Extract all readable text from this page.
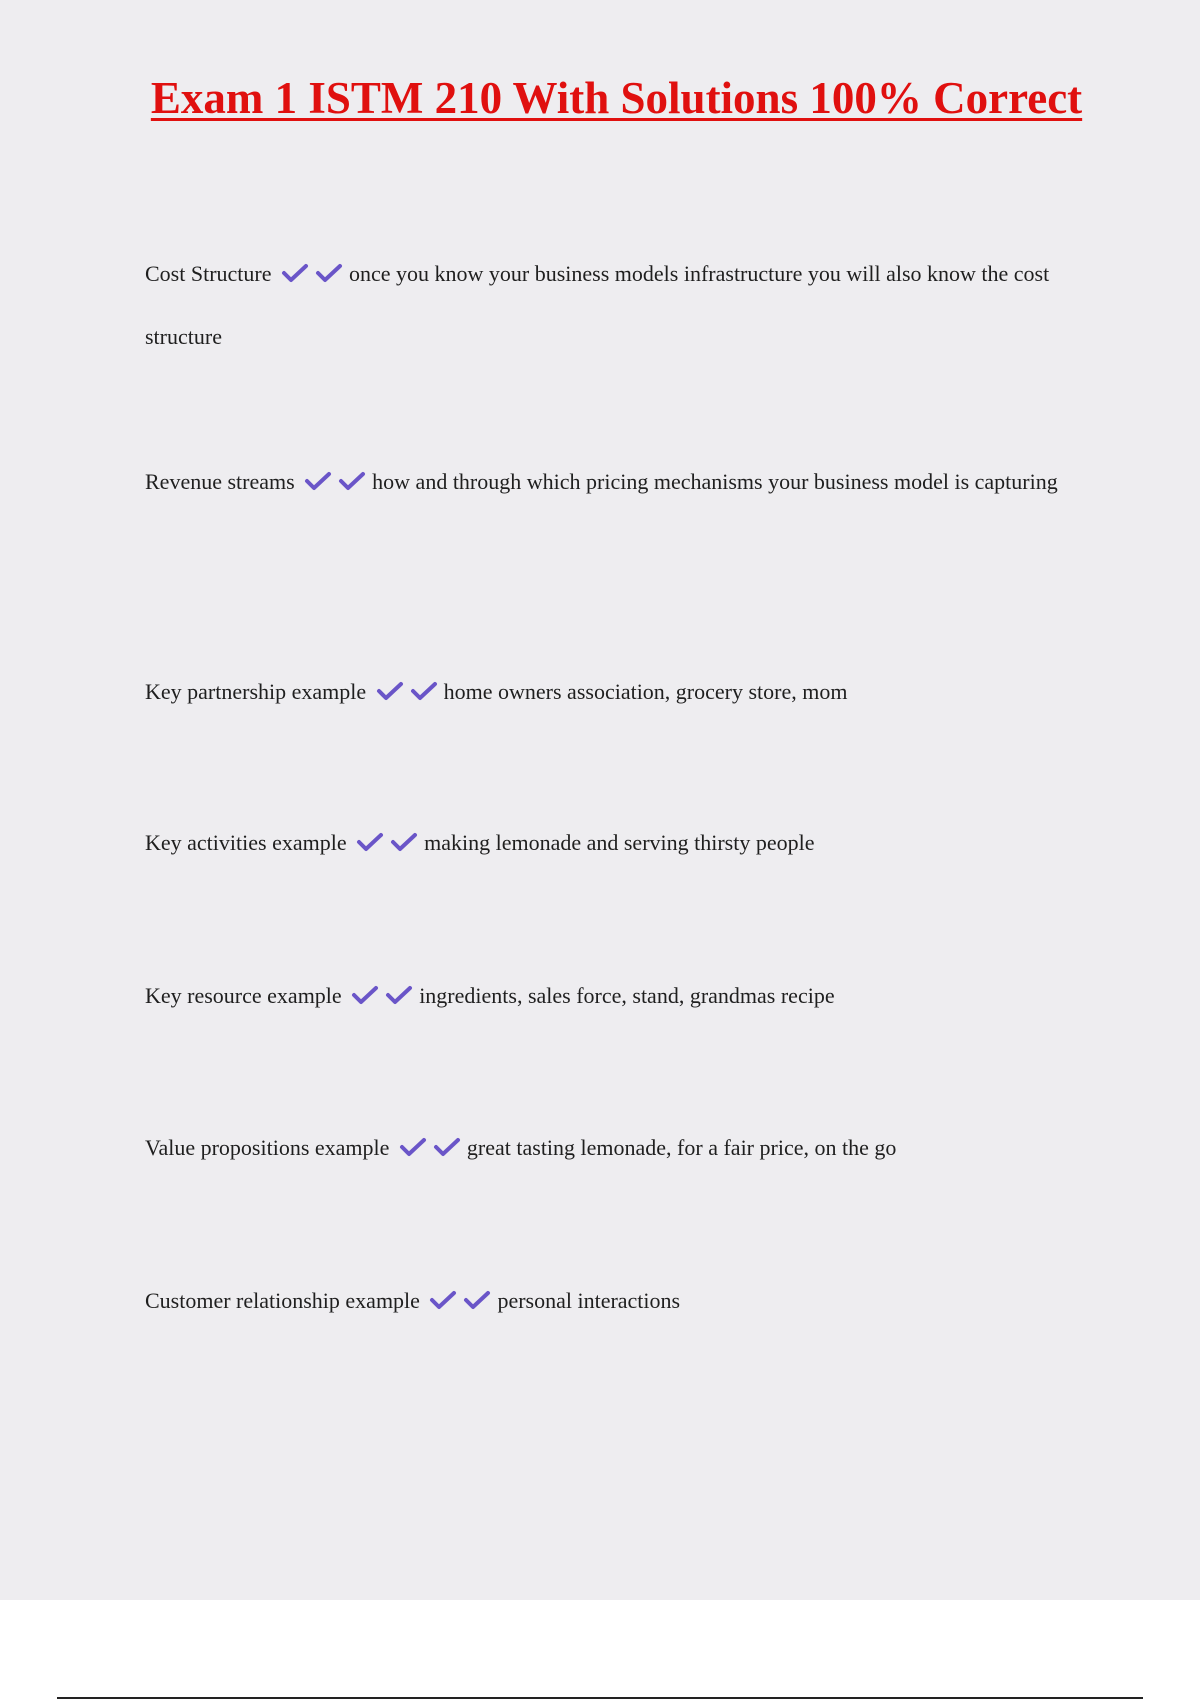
Exam 1 ISTM 210 With Solutions 100% Correct

Cost Structure	once you know your business models infrastructure you will also know the cost structure

Revenue streams	how and through which pricing mechanisms your business model is capturing

Key partnership example	home owners association, grocery store, mom

Key activities example	making lemonade and serving thirsty people

Key resource example	ingredients, sales force, stand, grandmas recipe

Value propositions example	great tasting lemonade, for a fair price, on the go

Customer relationship example	personal interactions
